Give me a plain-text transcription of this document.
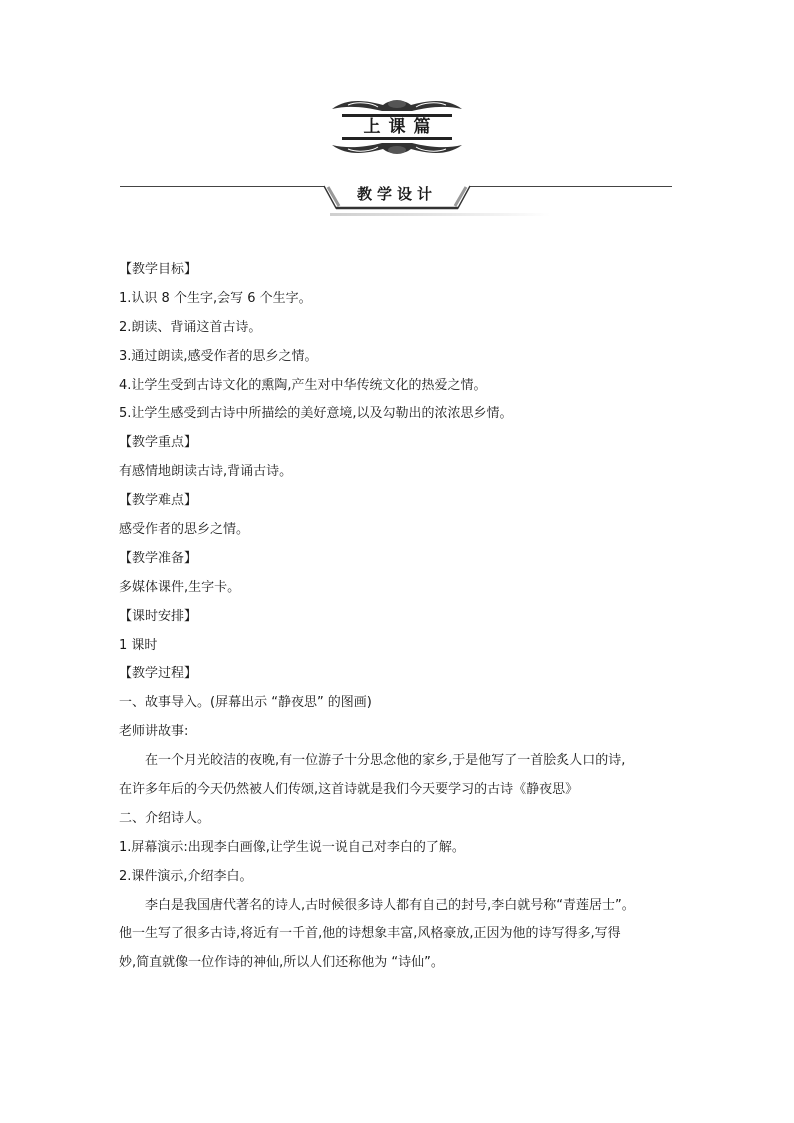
上课篇
教学设计
【教学目标】
1.认识 8 个生字,会写 6 个生字。
2.朗读、背诵这首古诗。
3.通过朗读,感受作者的思乡之情。
4.让学生受到古诗文化的熏陶,产生对中华传统文化的热爱之情。
5.让学生感受到古诗中所描绘的美好意境,以及勾勒出的浓浓思乡情。
【教学重点】
有感情地朗读古诗,背诵古诗。
【教学难点】
感受作者的思乡之情。
【教学准备】
多媒体课件,生字卡。
【课时安排】
1 课时
【教学过程】
一、故事导入。(屏幕出示 “静夜思” 的图画)
老师讲故事:
在一个月光皎洁的夜晚,有一位游子十分思念他的家乡,于是他写了一首脍炙人口的诗,
在许多年后的今天仍然被人们传颂,这首诗就是我们今天要学习的古诗《静夜思》
二、介绍诗人。
1.屏幕演示:出现李白画像,让学生说一说自己对李白的了解。
2.课件演示,介绍李白。
李白是我国唐代著名的诗人,古时候很多诗人都有自己的封号,李白就号称“青莲居士”。
他一生写了很多古诗,将近有一千首,他的诗想象丰富,风格豪放,正因为他的诗写得多,写得
妙,简直就像一位作诗的神仙,所以人们还称他为 “诗仙”。
